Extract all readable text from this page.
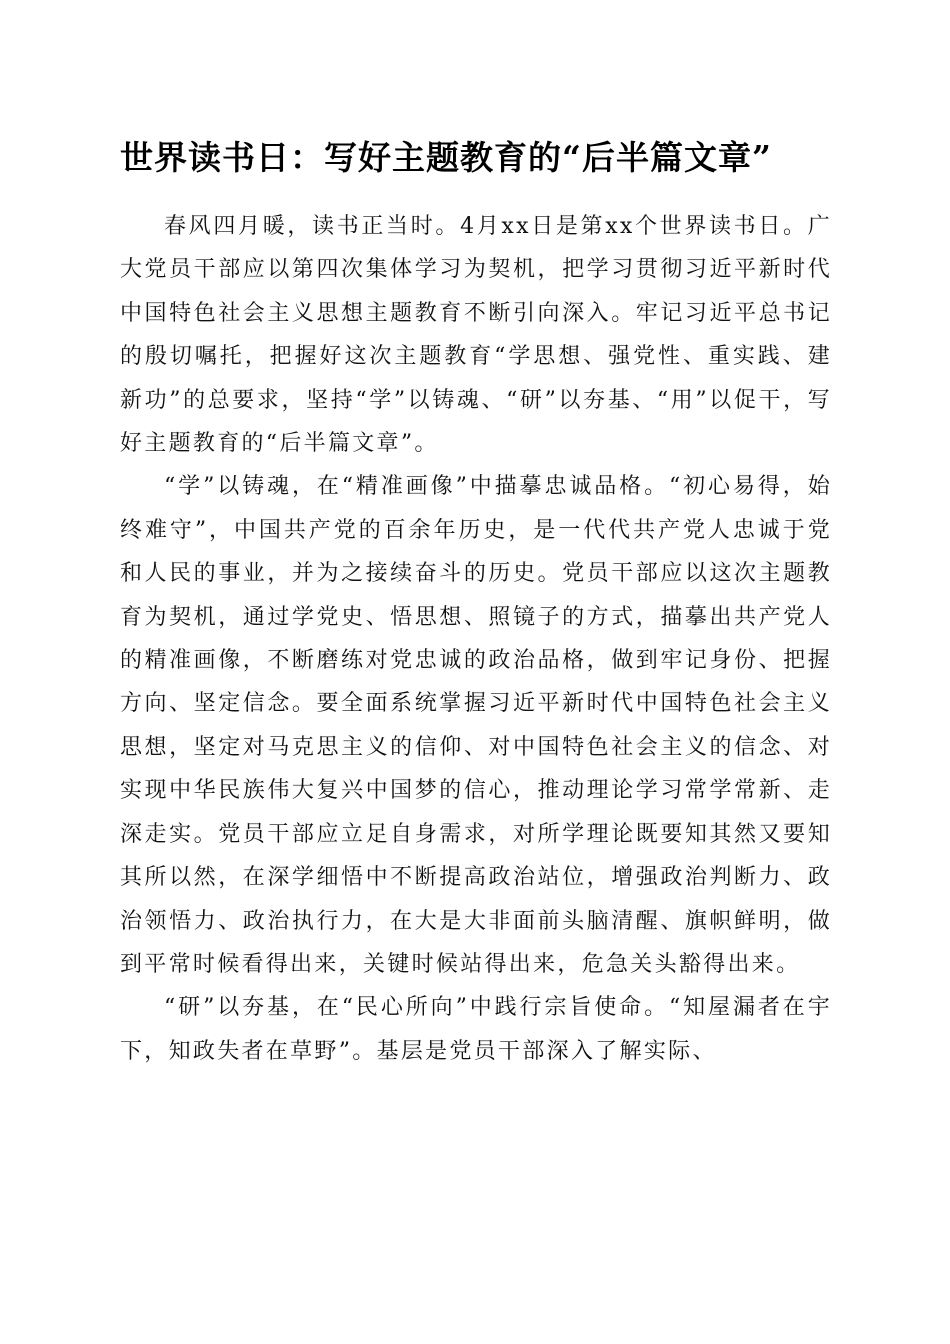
世界读书日：写好主题教育的“后半篇文章”

春风四月暖，读书正当时。4月xx日是第xx个世界读书日。广大党员干部应以第四次集体学习为契机，把学习贯彻习近平新时代中国特色社会主义思想主题教育不断引向深入。牢记习近平总书记的殷切嘱托，把握好这次主题教育“学思想、强党性、重实践、建新功”的总要求，坚持“学”以铸魂、“研”以夯基、“用”以促干，写好主题教育的“后半篇文章”。

“学”以铸魂，在“精准画像”中描摹忠诚品格。“初心易得，始终难守”，中国共产党的百余年历史，是一代代共产党人忠诚于党和人民的事业，并为之接续奋斗的历史。党员干部应以这次主题教育为契机，通过学党史、悟思想、照镜子的方式，描摹出共产党人的精准画像，不断磨练对党忠诚的政治品格，做到牢记身份、把握方向、坚定信念。要全面系统掌握习近平新时代中国特色社会主义思想，坚定对马克思主义的信仰、对中国特色社会主义的信念、对实现中华民族伟大复兴中国梦的信心，推动理论学习常学常新、走深走实。党员干部应立足自身需求，对所学理论既要知其然又要知其所以然，在深学细悟中不断提高政治站位，增强政治判断力、政治领悟力、政治执行力，在大是大非面前头脑清醒、旗帜鲜明，做到平常时候看得出来，关键时候站得出来，危急关头豁得出来。

“研”以夯基，在“民心所向”中践行宗旨使命。“知屋漏者在宇下，知政失者在草野”。基层是党员干部深入了解实际、
